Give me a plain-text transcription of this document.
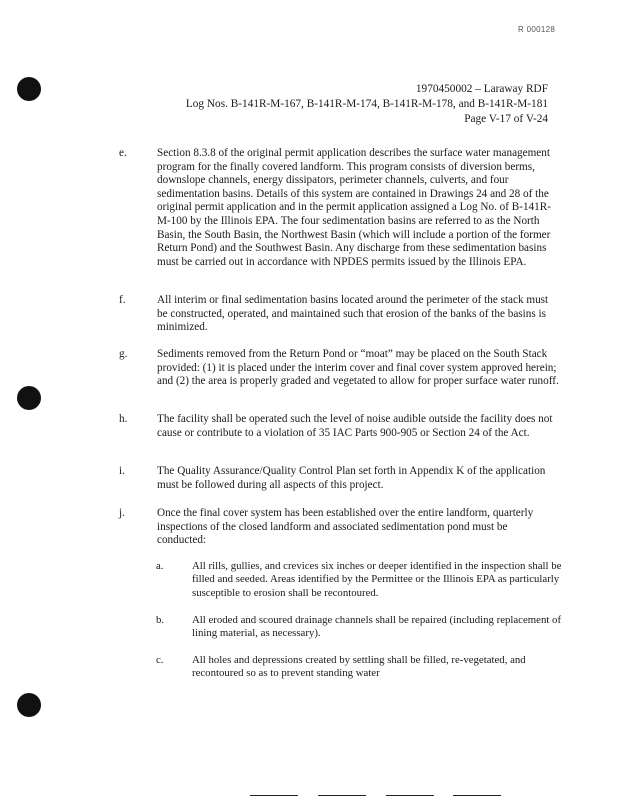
R 000128
1970450002 – Laraway RDF
Log Nos. B-141R-M-167, B-141R-M-174, B-141R-M-178, and B-141R-M-181
Page V-17 of V-24
e.	Section 8.3.8 of the original permit application describes the surface water management program for the finally covered landform. This program consists of diversion berms, downslope channels, energy dissipators, perimeter channels, culverts, and four sedimentation basins. Details of this system are contained in Drawings 24 and 28 of the original permit application and in the permit application assigned a Log No. of B-141R-M-100 by the Illinois EPA. The four sedimentation basins are referred to as the North Basin, the South Basin, the Northwest Basin (which will include a portion of the former Return Pond) and the Southwest Basin. Any discharge from these sedimentation basins must be carried out in accordance with NPDES permits issued by the Illinois EPA.
f.	All interim or final sedimentation basins located around the perimeter of the stack must be constructed, operated, and maintained such that erosion of the banks of the basins is minimized.
g.	Sediments removed from the Return Pond or “moat” may be placed on the South Stack provided: (1) it is placed under the interim cover and final cover system approved herein; and (2) the area is properly graded and vegetated to allow for proper surface water runoff.
h.	The facility shall be operated such the level of noise audible outside the facility does not cause or contribute to a violation of 35 IAC Parts 900-905 or Section 24 of the Act.
i.	The Quality Assurance/Quality Control Plan set forth in Appendix K of the application must be followed during all aspects of this project.
j.	Once the final cover system has been established over the entire landform, quarterly inspections of the closed landform and associated sedimentation pond must be conducted:
a.	All rills, gullies, and crevices six inches or deeper identified in the inspection shall be filled and seeded. Areas identified by the Permittee or the Illinois EPA as particularly susceptible to erosion shall be recontoured.
b.	All eroded and scoured drainage channels shall be repaired (including replacement of lining material, as necessary).
c.	All holes and depressions created by settling shall be filled, re-vegetated, and recontoured so as to prevent standing water
